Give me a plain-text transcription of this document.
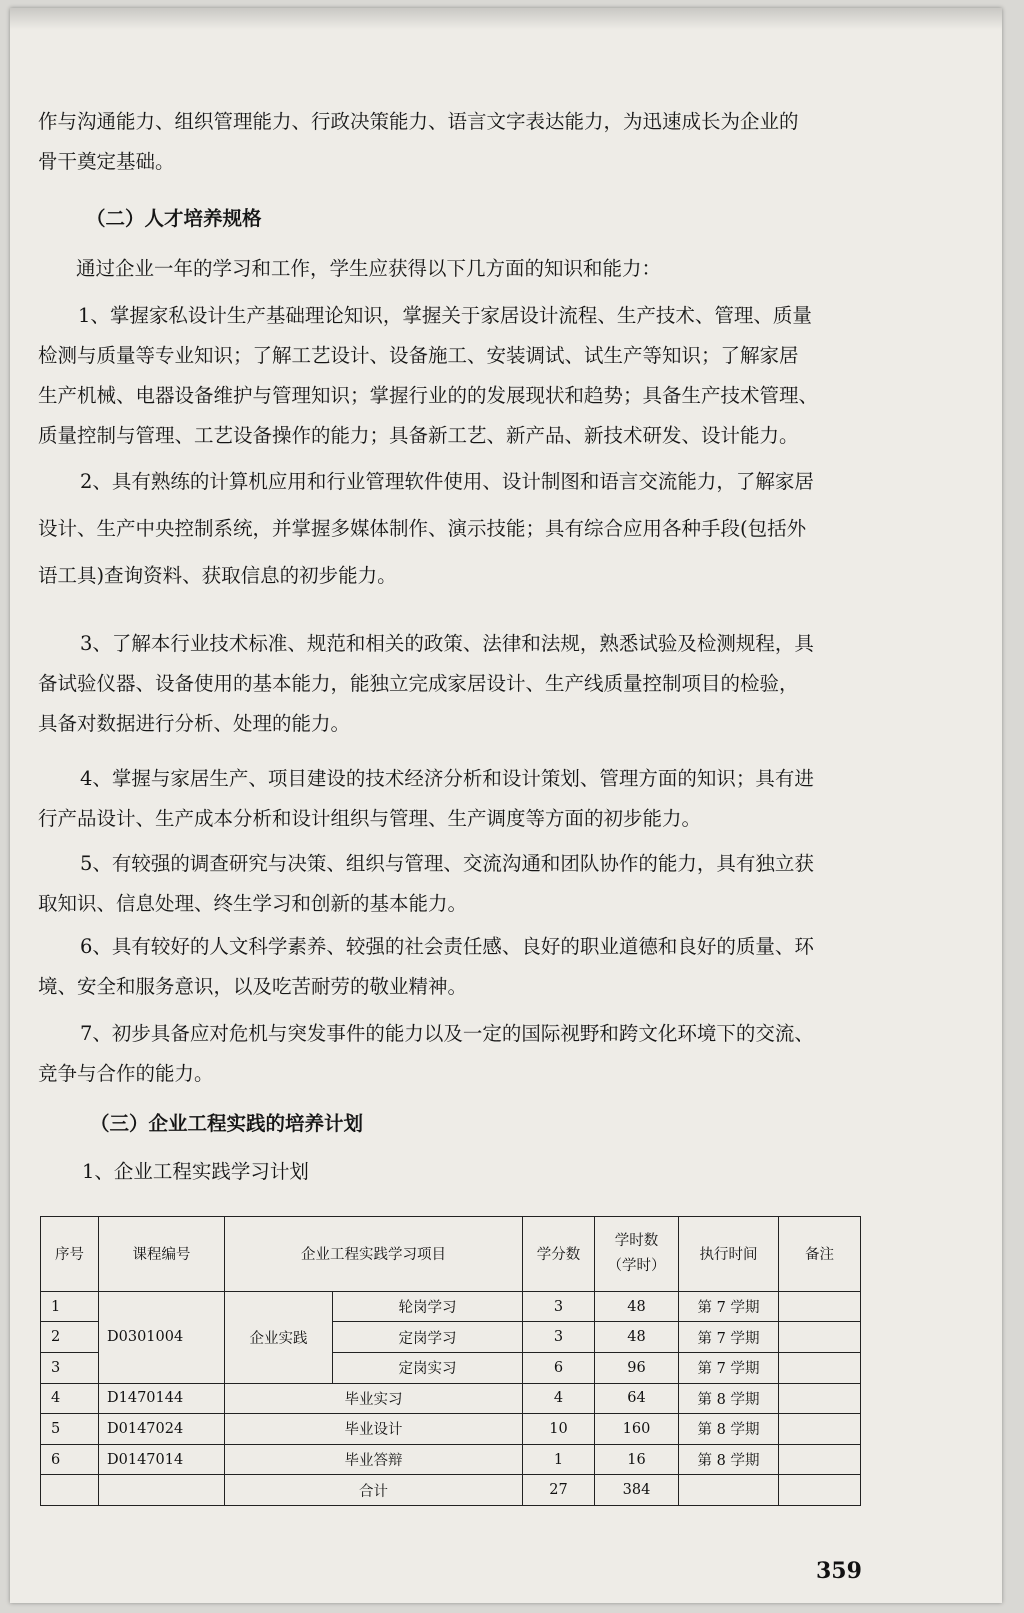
作与沟通能力、组织管理能力、行政决策能力、语言文字表达能力，为迅速成长为企业的
骨干奠定基础。
（二）人才培养规格
通过企业一年的学习和工作，学生应获得以下几方面的知识和能力：
1、掌握家私设计生产基础理论知识，掌握关于家居设计流程、生产技术、管理、质量
检测与质量等专业知识；了解工艺设计、设备施工、安装调试、试生产等知识；了解家居
生产机械、电器设备维护与管理知识；掌握行业的的发展现状和趋势；具备生产技术管理、
质量控制与管理、工艺设备操作的能力；具备新工艺、新产品、新技术研发、设计能力。
2、具有熟练的计算机应用和行业管理软件使用、设计制图和语言交流能力，了解家居
设计、生产中央控制系统，并掌握多媒体制作、演示技能；具有综合应用各种手段(包括外
语工具)查询资料、获取信息的初步能力。
3、了解本行业技术标准、规范和相关的政策、法律和法规，熟悉试验及检测规程，具
备试验仪器、设备使用的基本能力，能独立完成家居设计、生产线质量控制项目的检验，
具备对数据进行分析、处理的能力。
4、掌握与家居生产、项目建设的技术经济分析和设计策划、管理方面的知识；具有进
行产品设计、生产成本分析和设计组织与管理、生产调度等方面的初步能力。
5、有较强的调查研究与决策、组织与管理、交流沟通和团队协作的能力，具有独立获
取知识、信息处理、终生学习和创新的基本能力。
6、具有较好的人文科学素养、较强的社会责任感、良好的职业道德和良好的质量、环
境、安全和服务意识，以及吃苦耐劳的敬业精神。
7、初步具备应对危机与突发事件的能力以及一定的国际视野和跨文化环境下的交流、
竞争与合作的能力。
（三）企业工程实践的培养计划
1、企业工程实践学习计划
序号	课程编号	企业工程实践学习项目		学分数	学时数
（学时）	执行时间	备注
1	D0301004	企业实践	轮岗学习	3	48	第 7 学期	
2			定岗学习	3	48	第 7 学期	
3			定岗实习	6	96	第 7 学期	
4	D1470144	毕业实习		4	64	第 8 学期	
5	D0147024	毕业设计		10	160	第 8 学期	
6	D0147014	毕业答辩		1	16	第 8 学期	
		合计		27	384		
359
